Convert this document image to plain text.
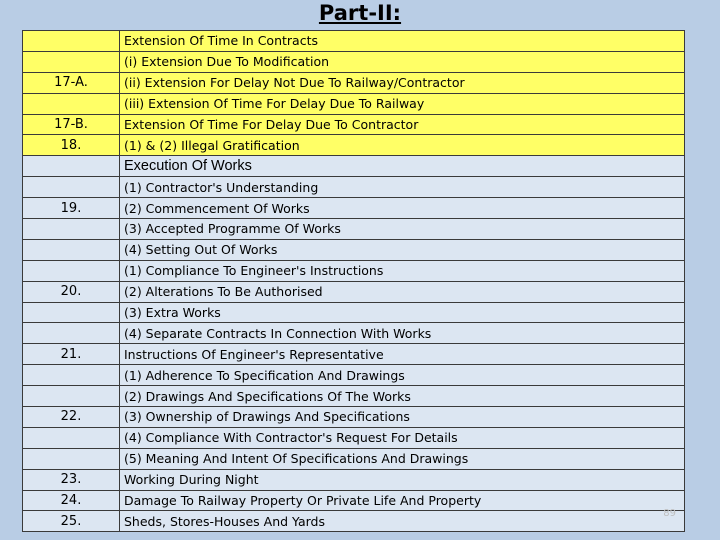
Part-II:
	Extension Of Time In Contracts
	(i) Extension Due To Modification
17-A.	(ii) Extension For Delay Not Due To Railway/Contractor
	(iii) Extension Of Time For Delay Due To Railway
17-B.	Extension Of Time For Delay Due To Contractor
18.	(1) & (2) Illegal Gratification
	Execution Of Works
	(1) Contractor's Understanding
19.	(2) Commencement Of Works
	(3) Accepted Programme Of Works
	(4) Setting Out Of Works
	(1) Compliance To Engineer's Instructions
20.	(2) Alterations To Be Authorised
	(3) Extra Works
	(4) Separate Contracts In Connection With Works
21.	Instructions Of Engineer's Representative
	(1) Adherence To Specification And Drawings
	(2) Drawings And Specifications Of The Works
22.	(3) Ownership of Drawings And Specifications
	(4) Compliance With Contractor's Request For Details
	(5) Meaning And Intent Of Specifications And Drawings
23.	Working During Night
24.	Damage To Railway Property Or Private Life And Property
25.	Sheds, Stores-Houses And Yards
89
